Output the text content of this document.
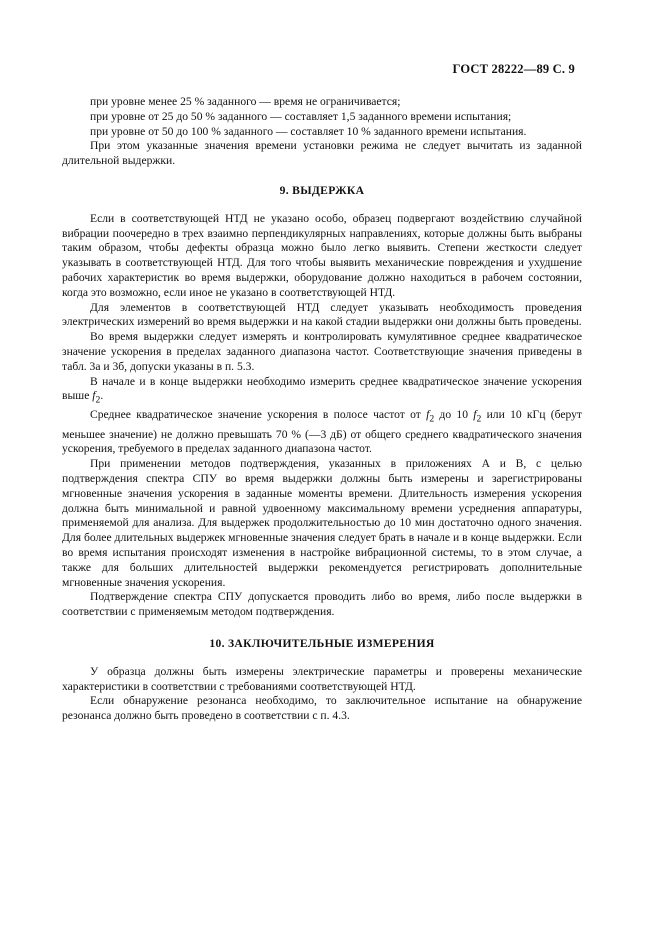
ГОСТ 28222—89 С. 9

при уровне менее 25 % заданного — время не ограничивается;

при уровне от 25 до 50 % заданного — составляет 1,5 заданного времени испытания;

при уровне от 50 до 100 % заданного — составляет 10 % заданного времени испытания.

При этом указанные значения времени установки режима не следует вычитать из заданной длительной выдержки.

9. ВЫДЕРЖКА

Если в соответствующей НТД не указано особо, образец подвергают воздействию случайной вибрации поочередно в трех взаимно перпендикулярных направлениях, которые должны быть выбраны таким образом, чтобы дефекты образца можно было легко выявить. Степени жесткости следует указывать в соответствующей НТД. Для того чтобы выявить механические повреждения и ухудшение рабочих характеристик во время выдержки, оборудование должно находиться в рабочем состоянии, когда это возможно, если иное не указано в соответствующей НТД.

Для элементов в соответствующей НТД следует указывать необходимость проведения электрических измерений во время выдержки и на какой стадии выдержки они должны быть проведены.

Во время выдержки следует измерять и контролировать кумулятивное среднее квадратическое значение ускорения в пределах заданного диапазона частот. Соответствующие значения приведены в табл. 3а и 3б, допуски указаны в п. 5.3.

В начале и в конце выдержки необходимо измерить среднее квадратическое значение ускорения выше $f_2$.

Среднее квадратическое значение ускорения в полосе частот от $f_2$ до 10 $f_2$ или 10 кГц (берут меньшее значение) не должно превышать 70 % (—3 дБ) от общего среднего квадратического значения ускорения, требуемого в пределах заданного диапазона частот.

При применении методов подтверждения, указанных в приложениях А и В, с целью подтверждения спектра СПУ во время выдержки должны быть измерены и зарегистрированы мгновенные значения ускорения в заданные моменты времени. Длительность измерения ускорения должна быть минимальной и равной удвоенному максимальному времени усреднения аппаратуры, применяемой для анализа. Для выдержек продолжительностью до 10 мин достаточно одного значения. Для более длительных выдержек мгновенные значения следует брать в начале и в конце выдержки. Если во время испытания происходят изменения в настройке вибрационной системы, то в этом случае, а также для больших длительностей выдержки рекомендуется регистрировать дополнительные мгновенные значения ускорения.

Подтверждение спектра СПУ допускается проводить либо во время, либо после выдержки в соответствии с применяемым методом подтверждения.

10. ЗАКЛЮЧИТЕЛЬНЫЕ ИЗМЕРЕНИЯ

У образца должны быть измерены электрические параметры и проверены механические характеристики в соответствии с требованиями соответствующей НТД.

Если обнаружение резонанса необходимо, то заключительное испытание на обнаружение резонанса должно быть проведено в соответствии с п. 4.3.
